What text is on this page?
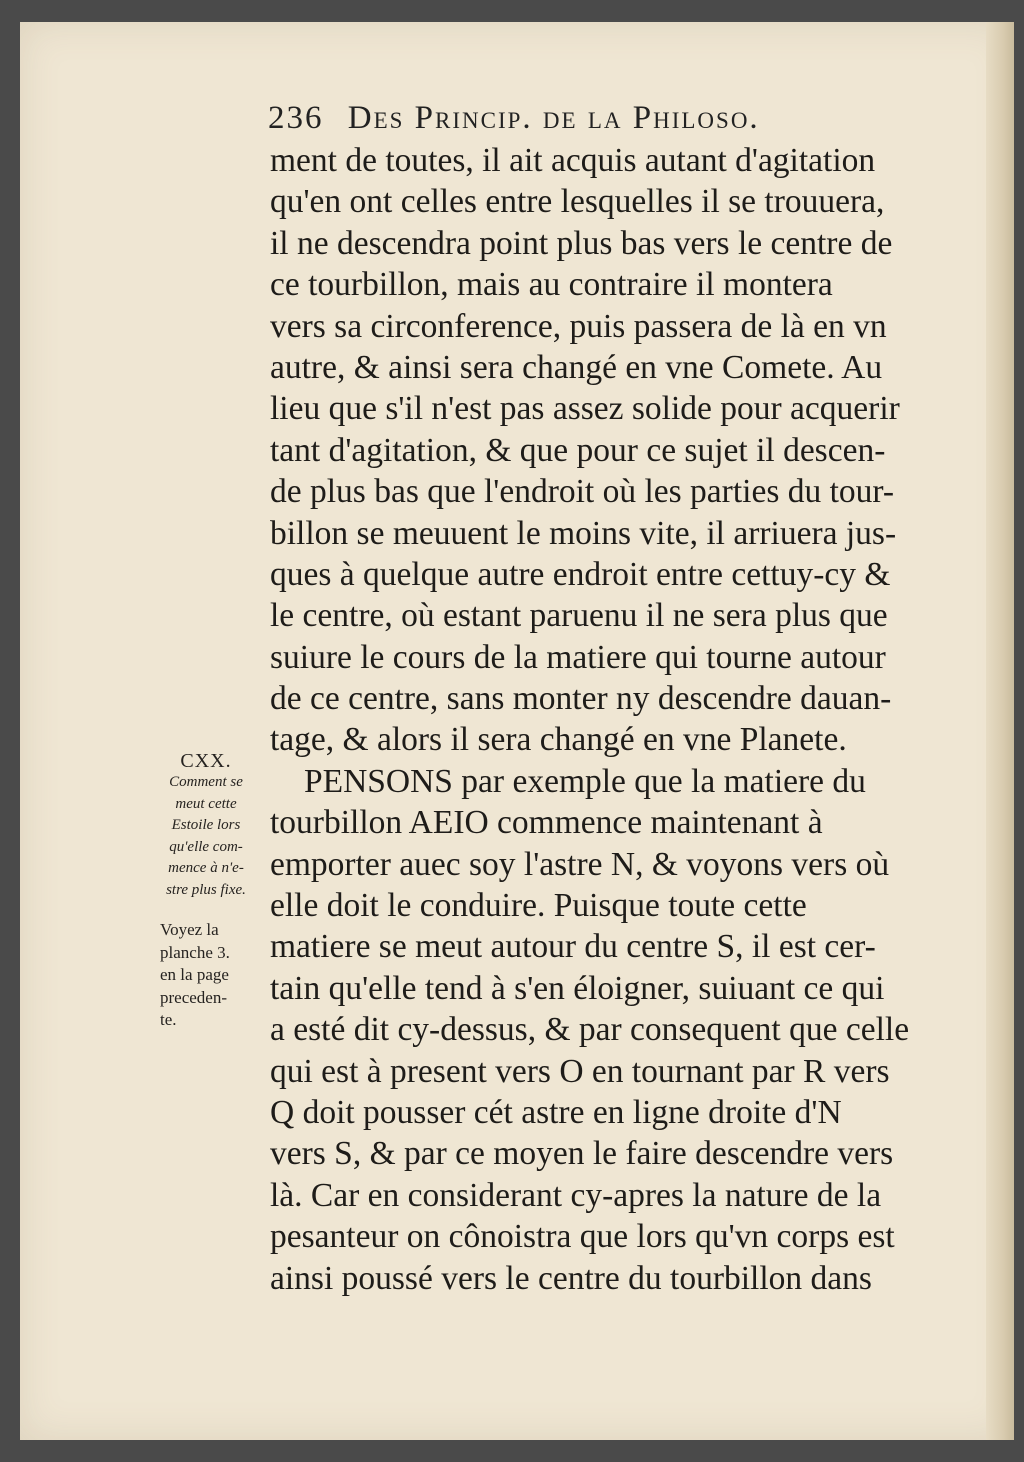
236 Des Princip. de la Philoso.
ment de toutes, il ait acquis autant d'agitation
qu'en ont celles entre lesquelles il se trouuera,
il ne descendra point plus bas vers le centre de
ce tourbillon, mais au contraire il montera
vers sa circonference, puis passera de là en vn
autre, & ainsi sera changé en vne Comete. Au
lieu que s'il n'est pas assez solide pour acquerir
tant d'agitation, & que pour ce sujet il descen-
de plus bas que l'endroit où les parties du tour-
billon se meuuent le moins vite, il arriuera jus-
ques à quelque autre endroit entre cettuy-cy &
le centre, où estant paruenu il ne sera plus que
suiure le cours de la matiere qui tourne autour
de ce centre, sans monter ny descendre dauan-
tage, & alors il sera changé en vne Planete.
PENSONS par exemple que la matiere du
tourbillon AEIO commence maintenant à
emporter auec soy l'astre N, & voyons vers où
elle doit le conduire. Puisque toute cette
matiere se meut autour du centre S, il est cer-
tain qu'elle tend à s'en éloigner, suiuant ce qui
a esté dit cy-dessus, & par consequent que celle
qui est à present vers O en tournant par R vers
Q doit pousser cét astre en ligne droite d'N
vers S, & par ce moyen le faire descendre vers
là. Car en considerant cy-apres la nature de la
pesanteur on cônoistra que lors qu'vn corps est
ainsi poussé vers le centre du tourbillon dans
CXX.
Comment se
meut cette
Estoile lors
qu'elle com-
mence à n'e-
stre plus fixe.
Voyez la
planche 3.
en la page
preceden-
te.
